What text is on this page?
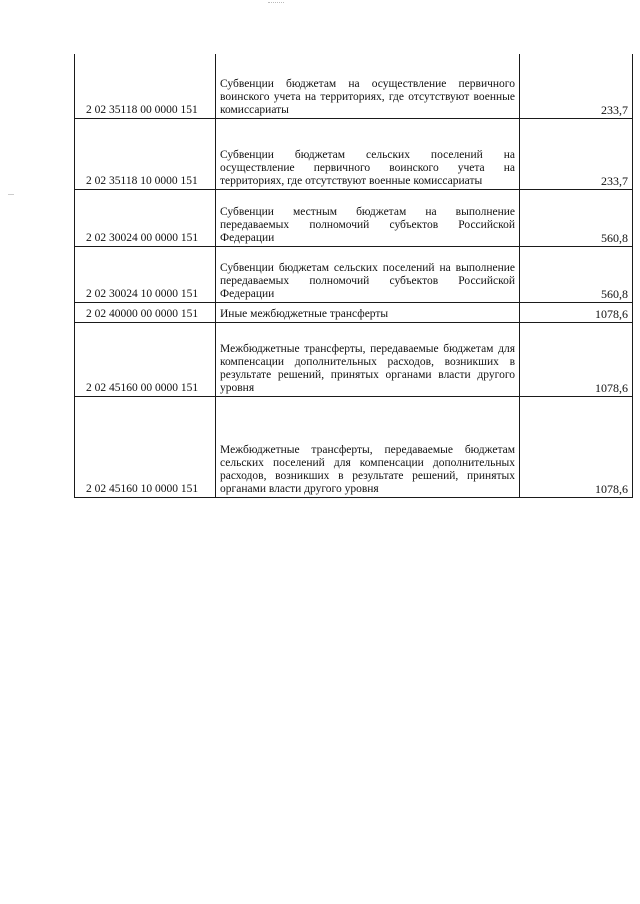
2 02 35118 00 0000 151	Субвенции бюджетам на осуществление первичного воинского учета на территориях, где отсутствуют военные комиссариаты	233,7
2 02 35118 10 0000 151	Субвенции бюджетам сельских поселений на осуществление первичного воинского учета на территориях, где отсутствуют военные комиссариаты	233,7
2 02 30024 00 0000 151	Субвенции местным бюджетам на выполнение передаваемых полномочий субъектов Российской Федерации	560,8
2 02 30024 10 0000 151	Субвенции бюджетам сельских поселений на выполнение передаваемых полномочий субъектов Российской Федерации	560,8
2 02 40000 00 0000 151	Иные межбюджетные трансферты	1078,6
2 02 45160 00 0000 151	Межбюджетные трансферты, передаваемые бюджетам для компенсации дополнительных расходов, возникших в результате решений, принятых органами власти другого уровня	1078,6
2 02 45160 10 0000 151	Межбюджетные трансферты, передаваемые бюджетам сельских поселений для компенсации дополнительных расходов, возникших в результате решений, принятых органами власти другого уровня	1078,6
